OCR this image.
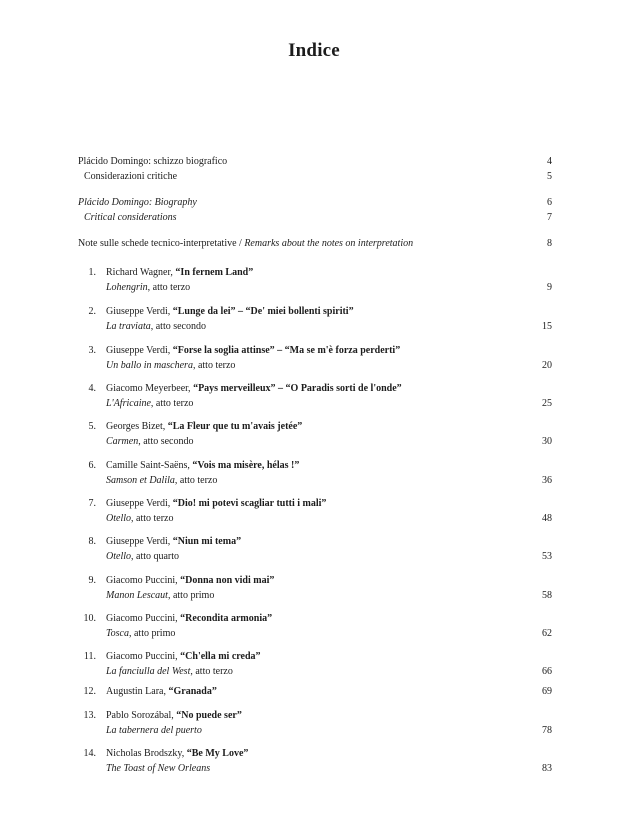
Indice
Plácido Domingo: schizzo biografico	4
Considerazioni critiche	5
Plácido Domingo: Biography	6
Critical considerations	7
Note sulle schede tecnico-interpretative / Remarks about the notes on interpretation	8
1. Richard Wagner, “In fernem Land”
Lohengrin, atto terzo	9
2. Giuseppe Verdi, “Lunge da lei” – “De' miei bollenti spiriti”
La traviata, atto secondo	15
3. Giuseppe Verdi, “Forse la soglia attinse” – “Ma se m'è forza perderti”
Un ballo in maschera, atto terzo	20
4. Giacomo Meyerbeer, “Pays merveilleux” – “O Paradis sorti de l'onde”
L'Africaine, atto terzo	25
5. Georges Bizet, “La Fleur que tu m'avais jetée”
Carmen, atto secondo	30
6. Camille Saint-Saëns, “Vois ma misère, hélas !”
Samson et Dalila, atto terzo	36
7. Giuseppe Verdi, “Dio! mi potevi scagliar tutti i mali”
Otello, atto terzo	48
8. Giuseppe Verdi, “Niun mi tema”
Otello, atto quarto	53
9. Giacomo Puccini, “Donna non vidi mai”
Manon Lescaut, atto primo	58
10. Giacomo Puccini, “Recondita armonia”
Tosca, atto primo	62
11. Giacomo Puccini, “Ch'ella mi creda”
La fanciulla del West, atto terzo	66
12. Augustin Lara, “Granada”	69
13. Pablo Sorozábal, “No puede ser”
La tabernera del puerto	78
14. Nicholas Brodszky, “Be My Love”
The Toast of New Orleans	83
